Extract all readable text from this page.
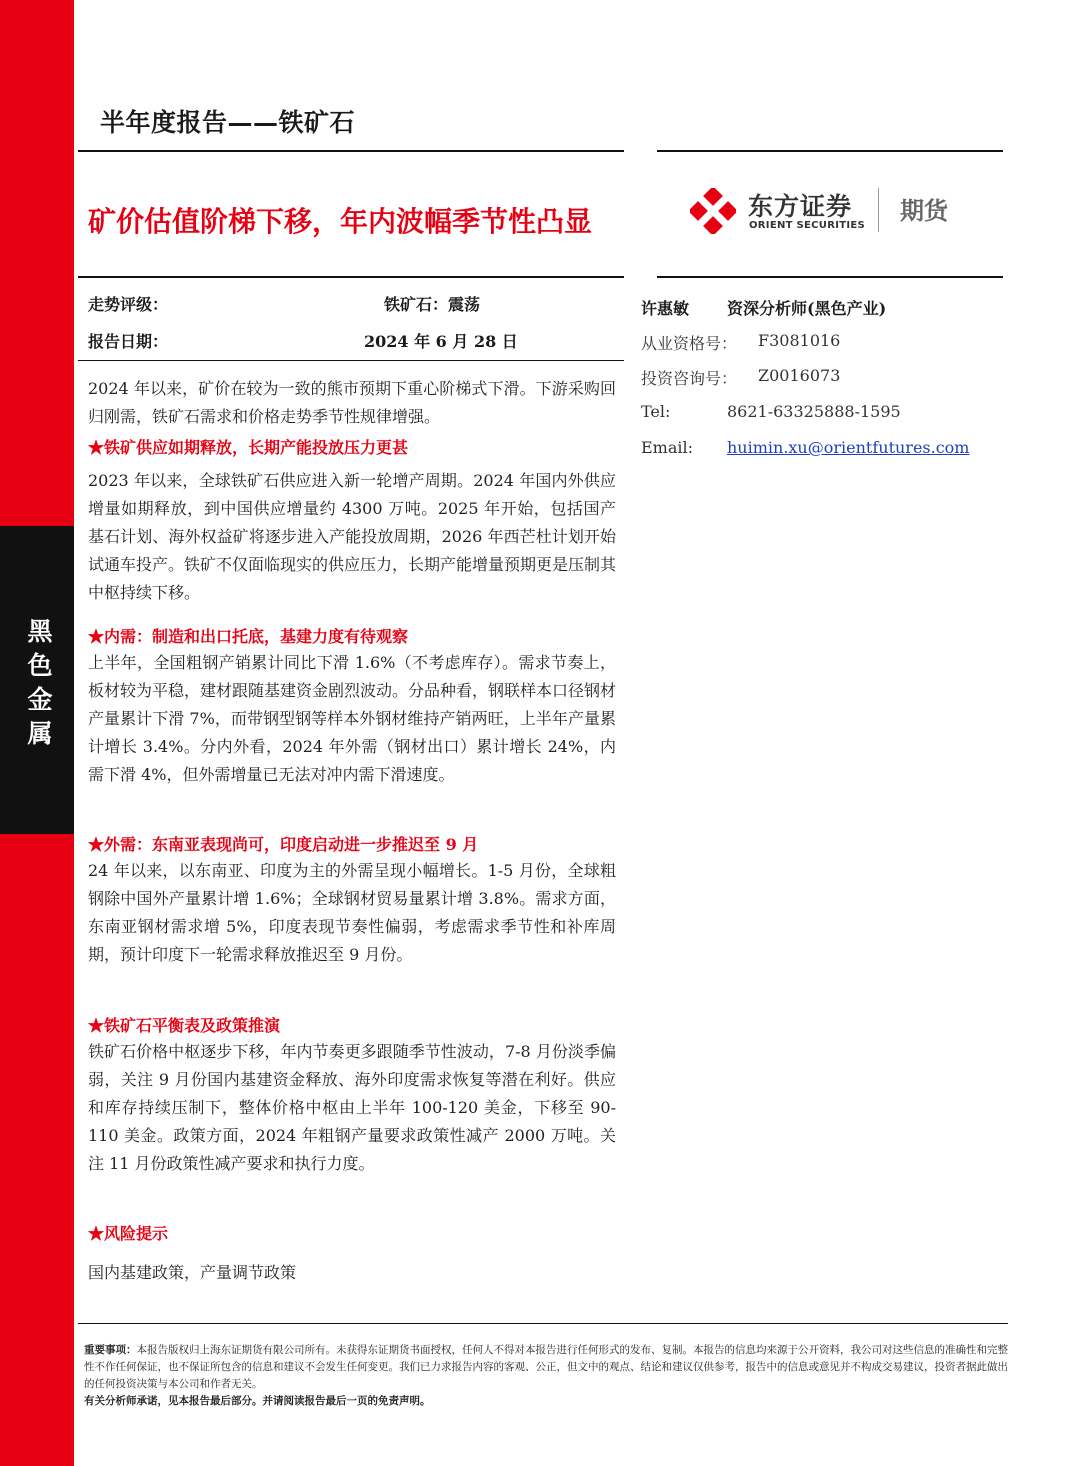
黑
色
金
属
半年度报告——铁矿石
矿价估值阶梯下移，年内波幅季节性凸显	东方证券
ORIENT SECURITIES
期货
走势评级：	铁矿石：震荡
报告日期：	2024 年 6 月 28 日
许惠敏 资深分析师(黑色产业)
从业资格号： F3081016
投资咨询号： Z0016073
Tel:	8621-63325888-1595
Email: huimin.xu@orientfutures.com
2024 年以来，矿价在较为一致的熊市预期下重心阶梯式下滑。下游采购回归刚需，铁矿石需求和价格走势季节性规律增强。
★铁矿供应如期释放，长期产能投放压力更甚
2023 年以来，全球铁矿石供应进入新一轮增产周期。2024 年国内外供应增量如期释放，到中国供应增量约 4300 万吨。2025 年开始，包括国产基石计划、海外权益矿将逐步进入产能投放周期，2026 年西芒杜计划开始试通车投产。铁矿不仅面临现实的供应压力，长期产能增量预期更是压制其中枢持续下移。
★内需：制造和出口托底，基建力度有待观察
上半年，全国粗钢产销累计同比下滑 1.6%（不考虑库存）。需求节奏上，板材较为平稳，建材跟随基建资金剧烈波动。分品种看，钢联样本口径钢材产量累计下滑 7%，而带钢型钢等样本外钢材维持产销两旺，上半年产量累计增长 3.4%。分内外看，2024 年外需（钢材出口）累计增长 24%，内需下滑 4%，但外需增量已无法对冲内需下滑速度。
★外需：东南亚表现尚可，印度启动进一步推迟至 9 月
24 年以来，以东南亚、印度为主的外需呈现小幅增长。1-5 月份，全球粗钢除中国外产量累计增 1.6%；全球钢材贸易量累计增 3.8%。需求方面，东南亚钢材需求增 5%，印度表现节奏性偏弱，考虑需求季节性和补库周期，预计印度下一轮需求释放推迟至 9 月份。
★铁矿石平衡表及政策推演
铁矿石价格中枢逐步下移，年内节奏更多跟随季节性波动，7-8 月份淡季偏弱，关注 9 月份国内基建资金释放、海外印度需求恢复等潜在利好。供应和库存持续压制下，整体价格中枢由上半年 100-120 美金，下移至 90-110 美金。政策方面，2024 年粗钢产量要求政策性减产 2000 万吨。关注 11 月份政策性减产要求和执行力度。
★风险提示
国内基建政策，产量调节政策
重要事项：本报告版权归上海东证期货有限公司所有。未获得东证期货书面授权，任何人不得对本报告进行任何形式的发布、复制。本报告的信息均来源于公开资料，我公司对这些信息的准确性和完整性不作任何保证，也不保证所包含的信息和建议不会发生任何变更。我们已力求报告内容的客观、公正，但文中的观点、结论和建议仅供参考，报告中的信息或意见并不构成交易建议，投资者据此做出的任何投资决策与本公司和作者无关。
有关分析师承诺，见本报告最后部分。并请阅读报告最后一页的免责声明。
